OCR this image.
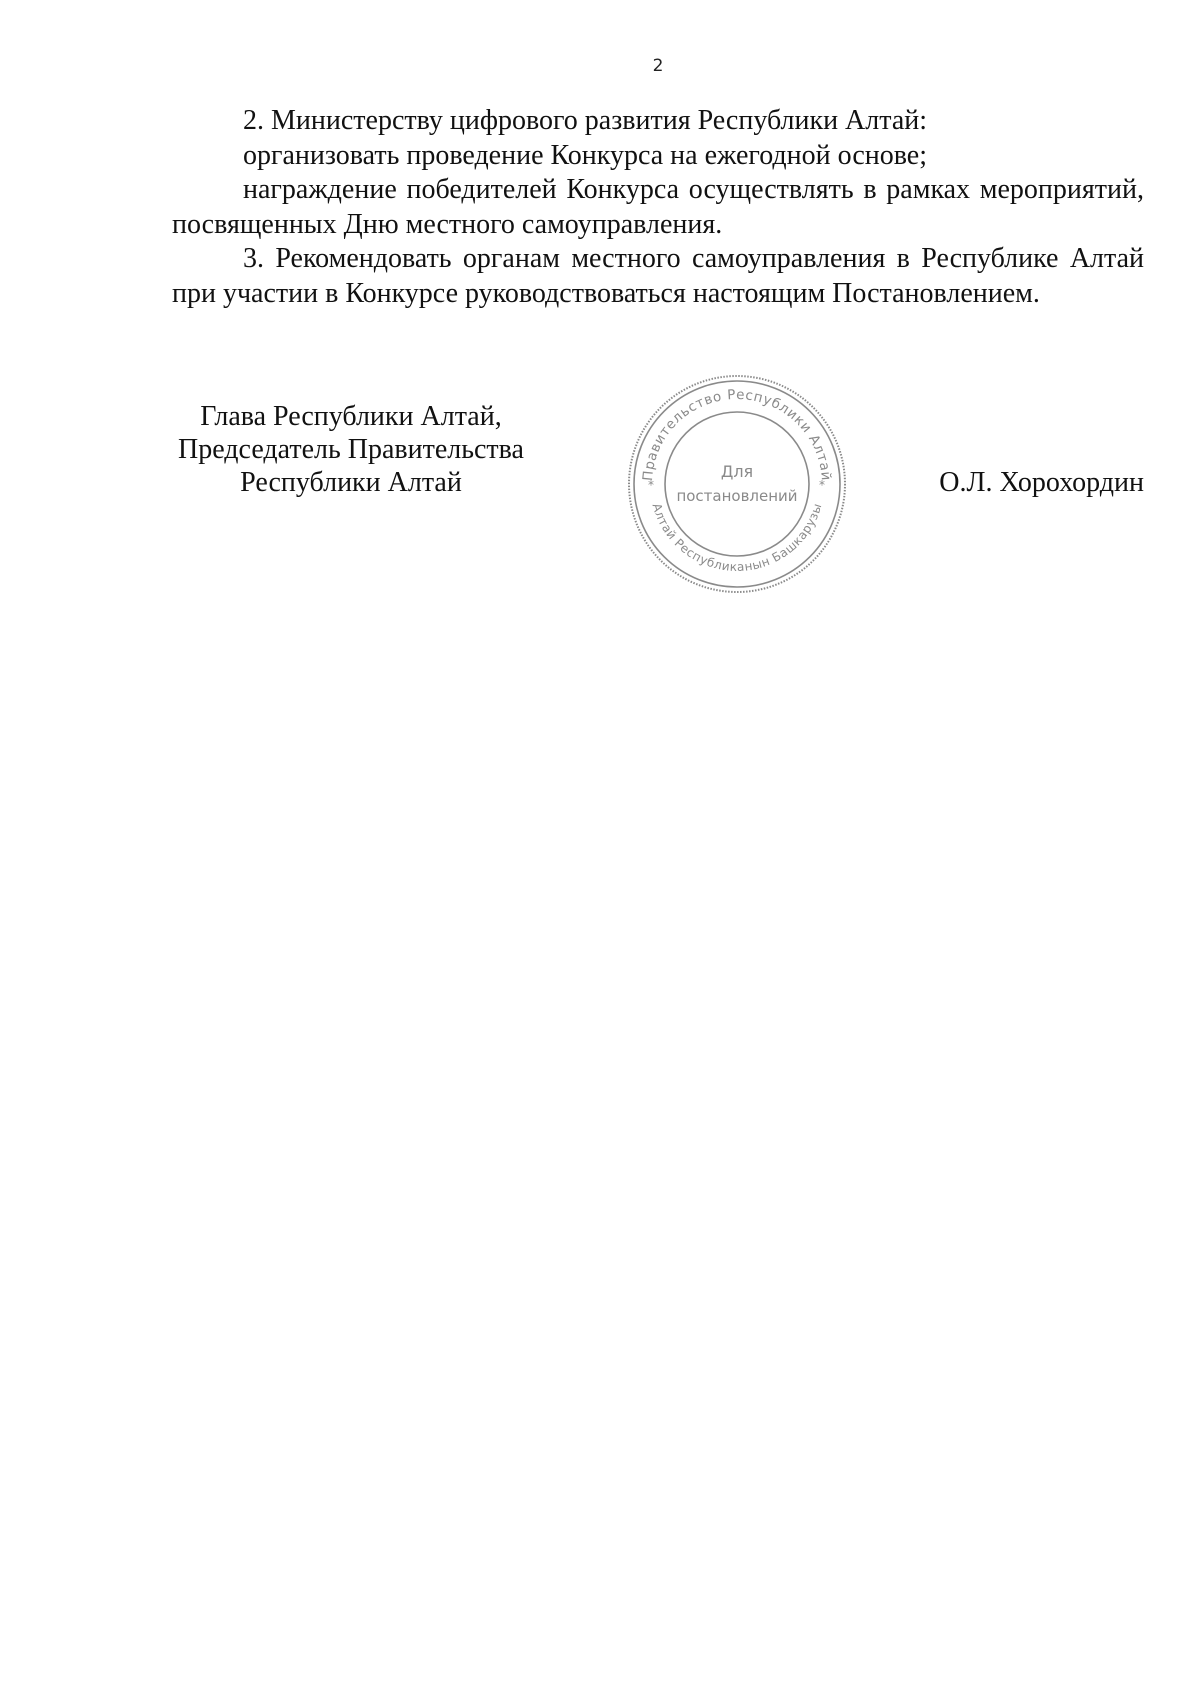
2

2. Министерству цифрового развития Республики Алтай:

организовать проведение Конкурса на ежегодной основе;

награждение победителей Конкурса осуществлять в рамках мероприятий, посвященных Дню местного самоуправления.

3. Рекомендовать органам местного самоуправления в Республике Алтай при участии в Конкурсе руководствоваться настоящим Постановлением.

Глава Республики Алтай,
Председатель Правительства
Республики Алтай	Правительство Республики Алтай
Алтай Республиканын Башкарузы
*	*
Для
постановлений	О.Л. Хорохордин
